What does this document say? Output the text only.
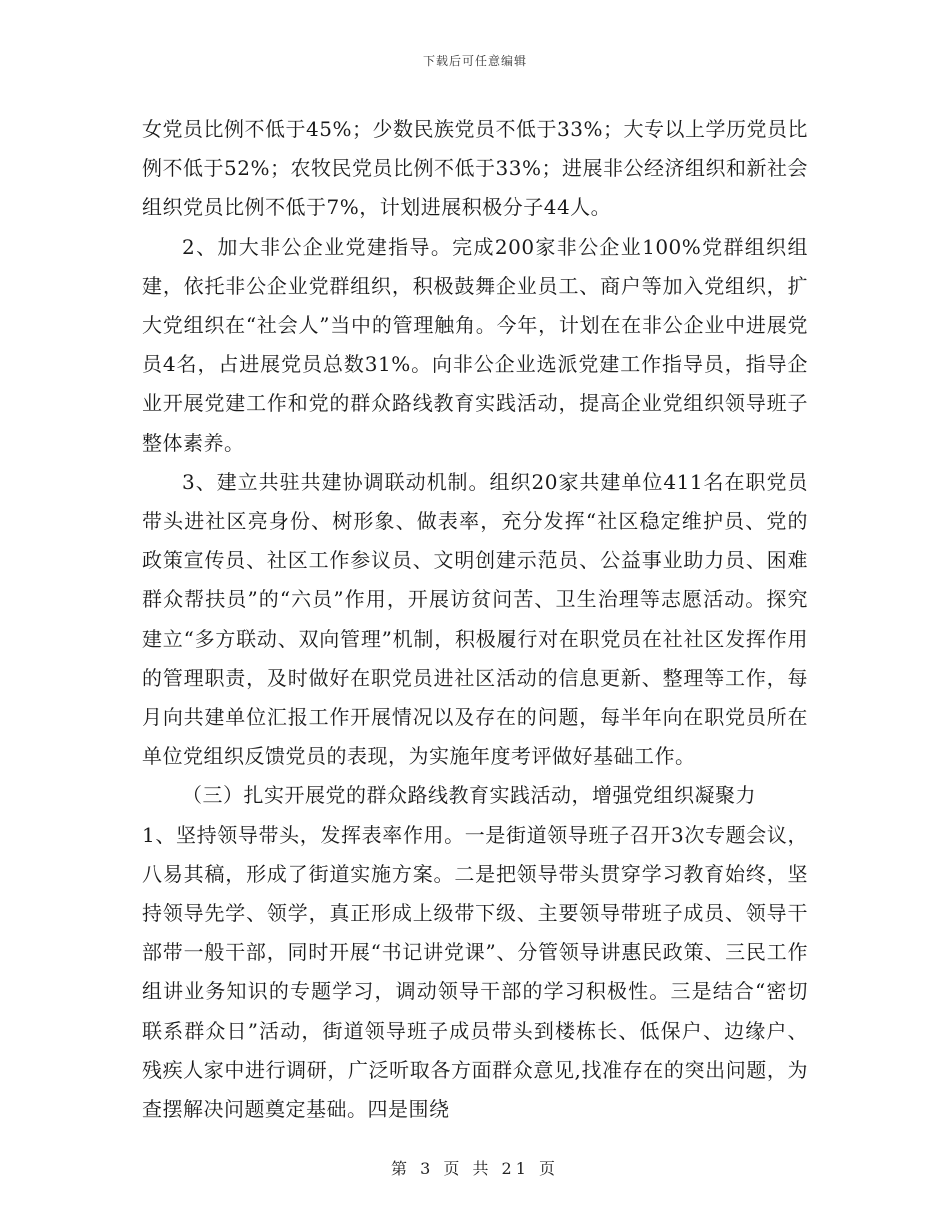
下载后可任意编辑

女党员比例不低于45%；少数民族党员不低于33%；大专以上学历党员比例不低于52%；农牧民党员比例不低于33%；进展非公经济组织和新社会组织党员比例不低于7%，计划进展积极分子44人。

2、加大非公企业党建指导。完成200家非公企业100%党群组织组建，依托非公企业党群组织，积极鼓舞企业员工、商户等加入党组织，扩大党组织在“社会人”当中的管理触角。今年，计划在在非公企业中进展党员4名，占进展党员总数31%。向非公企业选派党建工作指导员，指导企业开展党建工作和党的群众路线教育实践活动，提高企业党组织领导班子整体素养。

3、建立共驻共建协调联动机制。组织20家共建单位411名在职党员带头进社区亮身份、树形象、做表率，充分发挥“社区稳定维护员、党的政策宣传员、社区工作参议员、文明创建示范员、公益事业助力员、困难群众帮扶员”的“六员”作用，开展访贫问苦、卫生治理等志愿活动。探究建立“多方联动、双向管理”机制，积极履行对在职党员在社社区发挥作用的管理职责，及时做好在职党员进社区活动的信息更新、整理等工作，每月向共建单位汇报工作开展情况以及存在的问题，每半年向在职党员所在单位党组织反馈党员的表现，为实施年度考评做好基础工作。

（三）扎实开展党的群众路线教育实践活动，增强党组织凝聚力

1、坚持领导带头，发挥表率作用。一是街道领导班子召开3次专题会议，八易其稿，形成了街道实施方案。二是把领导带头贯穿学习教育始终，坚持领导先学、领学，真正形成上级带下级、主要领导带班子成员、领导干部带一般干部，同时开展“书记讲党课”、分管领导讲惠民政策、三民工作组讲业务知识的专题学习，调动领导干部的学习积极性。三是结合“密切联系群众日”活动，街道领导班子成员带头到楼栋长、低保户、边缘户、残疾人家中进行调研，广泛听取各方面群众意见,找准存在的突出问题，为查摆解决问题奠定基础。四是围绕

第 3 页 共 21 页
